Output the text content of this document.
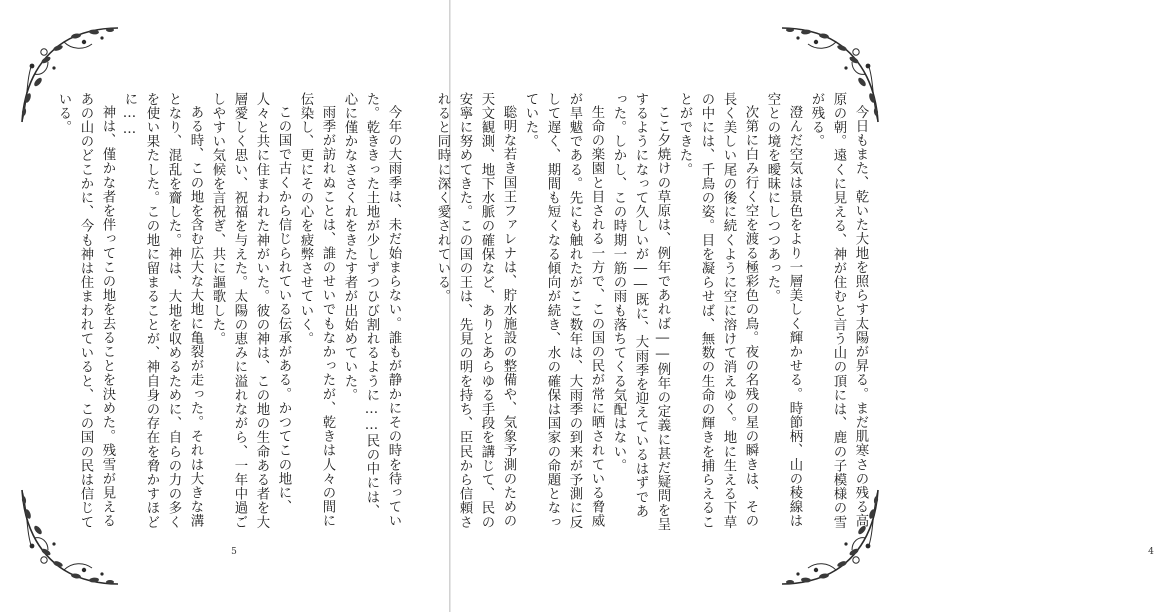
今年の大雨季は、未だ始まらない。誰もが静かにその時を待っていた。乾ききった土地が少しずつひび割れるように……民の中には、心に僅かなささくれをきたす者が出始めていた。

雨季が訪れぬことは、誰のせいでもなかったが、乾きは人々の間に伝染し、更にその心を疲弊させていく。

この国で古くから信じられている伝承がある。かつてこの地に、人々と共に住まわれた神がいた。彼の神は、この地の生命ある者を大層愛しく思い、祝福を与えた。太陽の恵みに溢れながら、一年中過ごしやすい気候を言祝ぎ、共に謳歌した。

ある時、この地を含む広大な大地に亀裂が走った。それは大きな溝となり、混乱を齎した。神は、大地を収めるために、自らの力の多くを使い果たした。この地に留まることが、神自身の存在を脅かすほどに……

神は、僅かな者を伴ってこの地を去ることを決めた。残雪が見えるあの山のどこかに、今も神は住まわれていると、この国の民は信じている。

5

今日もまた、乾いた大地を照らす太陽が昇る。まだ肌寒さの残る高原の朝。遠くに見える、神が住むと言う山の頂には、鹿の子模様の雪が残る。

澄んだ空気は景色をより一層美しく輝かせる。時節柄、山の稜線は空との境を曖昧にしつつあった。

次第に白み行く空を渡る極彩色の鳥。夜の名残の星の瞬きは、その長く美しい尾の後に続くように空に溶けて消えゆく。地に生える下草の中には、千鳥の姿。目を凝らせば、無数の生命の輝きを捕らえることができた。

ここ夕焼けの草原は、例年であれば――例年の定義に甚だ疑問を呈するようになって久しいが――既に、大雨季を迎えているはずであった。しかし、この時期一筋の雨も落ちてくる気配はない。

生命の楽園と目される一方で、この国の民が常に晒されている脅威が旱魃である。先にも触れたがここ数年は、大雨季の到来が予測に反して遅く、期間も短くなる傾向が続き、水の確保は国家の命題となっていた。

聡明な若き国王ファレナは、貯水施設の整備や、気象予測のための天文観測、地下水脈の確保など、ありとあらゆる手段を講じて、民の安寧に努めてきた。この国の王は、先見の明を持ち、臣民から信頼されると同時に深く愛されている。

4
